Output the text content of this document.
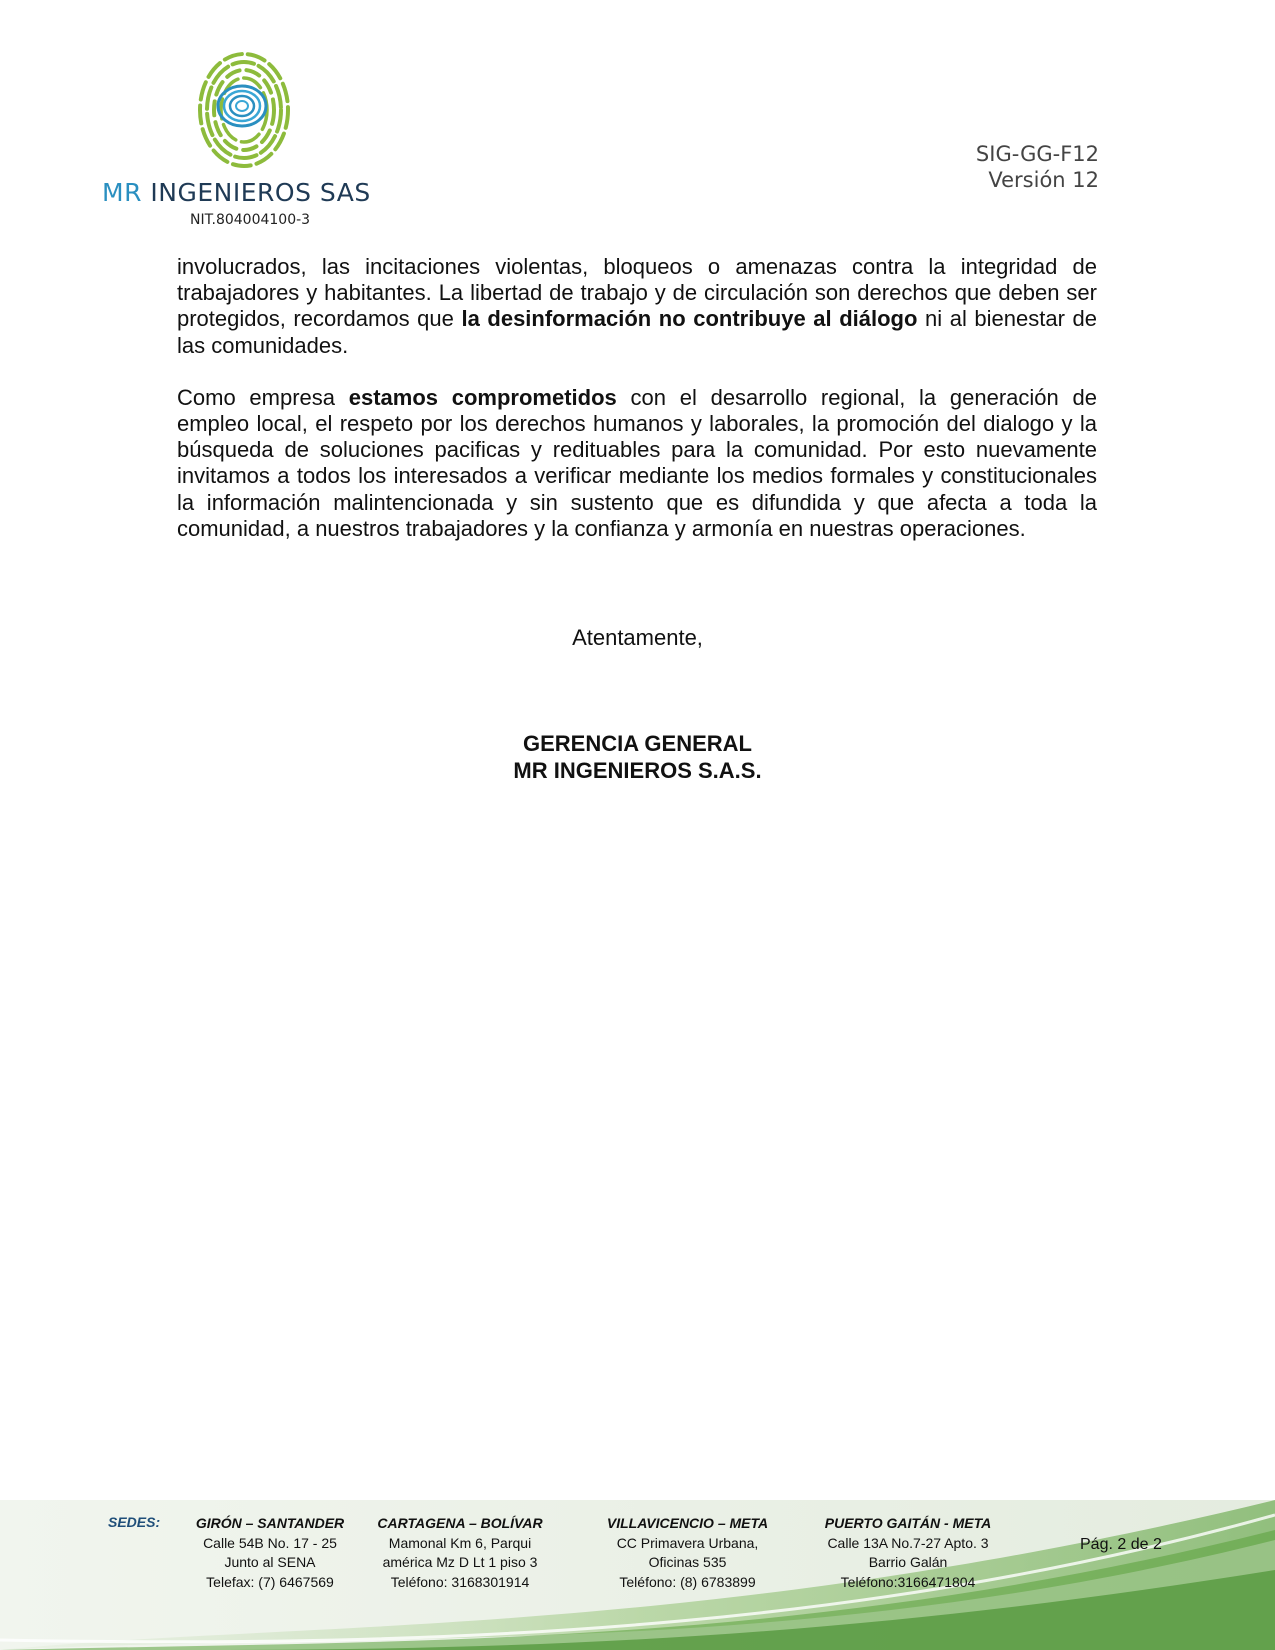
MR INGENIEROS SAS
NIT.804004100-3
SIG-GG-F12
Versión 12

involucrados, las incitaciones violentas, bloqueos o amenazas contra la integridad de trabajadores y habitantes. La libertad de trabajo y de circulación son derechos que deben ser protegidos, recordamos que la desinformación no contribuye al diálogo ni al bienestar de las comunidades.

Como empresa estamos comprometidos con el desarrollo regional, la generación de empleo local, el respeto por los derechos humanos y laborales, la promoción del dialogo y la búsqueda de soluciones pacificas y redituables para la comunidad. Por esto nuevamente invitamos a todos los interesados a verificar mediante los medios formales y constitucionales la información malintencionada y sin sustento que es difundida y que afecta a toda la comunidad, a nuestros trabajadores y la confianza y armonía en nuestras operaciones.

Atentamente,
GERENCIA GENERAL
MR INGENIEROS S.A.S.
SEDES:	GIRÓN – SANTANDER
Calle 54B No. 17 - 25
Junto al SENA
Telefax: (7) 6467569
CARTAGENA – BOLÍVAR
Mamonal Km 6, Parqui
américa Mz D Lt 1 piso 3
Teléfono: 3168301914
VILLAVICENCIO – META
CC Primavera Urbana,
Oficinas 535
Teléfono: (8) 6783899
PUERTO GAITÁN - META
Calle 13A No.7-27 Apto. 3
Barrio Galán
Teléfono:3166471804
Pág. 2 de 2
